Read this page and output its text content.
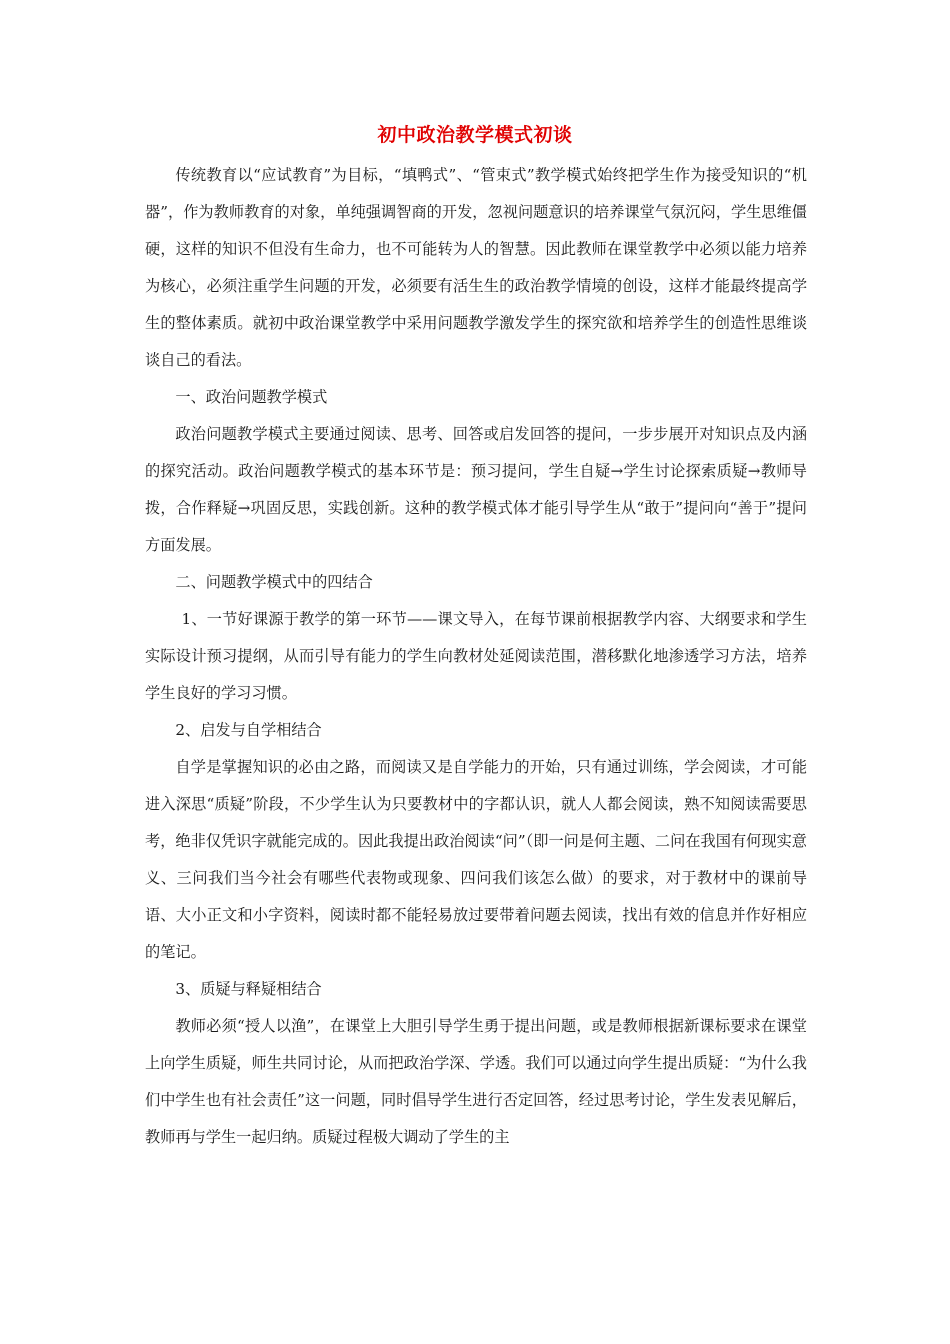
初中政治教学模式初谈

传统教育以“应试教育”为目标，“填鸭式”、“管束式”教学模式始终把学生作为接受知识的“机器”，作为教师教育的对象，单纯强调智商的开发，忽视问题意识的培养课堂气氛沉闷，学生思维僵硬，这样的知识不但没有生命力，也不可能转为人的智慧。因此教师在课堂教学中必须以能力培养为核心，必须注重学生问题的开发，必须要有活生生的政治教学情境的创设，这样才能最终提高学生的整体素质。就初中政治课堂教学中采用问题教学激发学生的探究欲和培养学生的创造性思维谈谈自己的看法。

一、政治问题教学模式

政治问题教学模式主要通过阅读、思考、回答或启发回答的提问，一步步展开对知识点及内涵的探究活动。政治问题教学模式的基本环节是：预习提问，学生自疑→学生讨论探索质疑→教师导拨，合作释疑→巩固反思，实践创新。这种的教学模式体才能引导学生从“敢于”提问向“善于”提问方面发展。

二、问题教学模式中的四结合

1、一节好课源于教学的第一环节——课文导入，在每节课前根据教学内容、大纲要求和学生实际设计预习提纲，从而引导有能力的学生向教材处延阅读范围，潜移默化地渗透学习方法，培养学生良好的学习习惯。

2、启发与自学相结合

自学是掌握知识的必由之路，而阅读又是自学能力的开始，只有通过训练，学会阅读，才可能进入深思“质疑”阶段，不少学生认为只要教材中的字都认识，就人人都会阅读，熟不知阅读需要思考，绝非仅凭识字就能完成的。因此我提出政治阅读“问”（即一问是何主题、二问在我国有何现实意义、三问我们当今社会有哪些代表物或现象、四问我们该怎么做）的要求，对于教材中的课前导语、大小正文和小字资料，阅读时都不能轻易放过要带着问题去阅读，找出有效的信息并作好相应的笔记。

3、质疑与释疑相结合

教师必须“授人以渔”，在课堂上大胆引导学生勇于提出问题，或是教师根据新课标要求在课堂上向学生质疑，师生共同讨论，从而把政治学深、学透。我们可以通过向学生提出质疑：“为什么我们中学生也有社会责任”这一问题，同时倡导学生进行否定回答，经过思考讨论，学生发表见解后，教师再与学生一起归纳。质疑过程极大调动了学生的主
